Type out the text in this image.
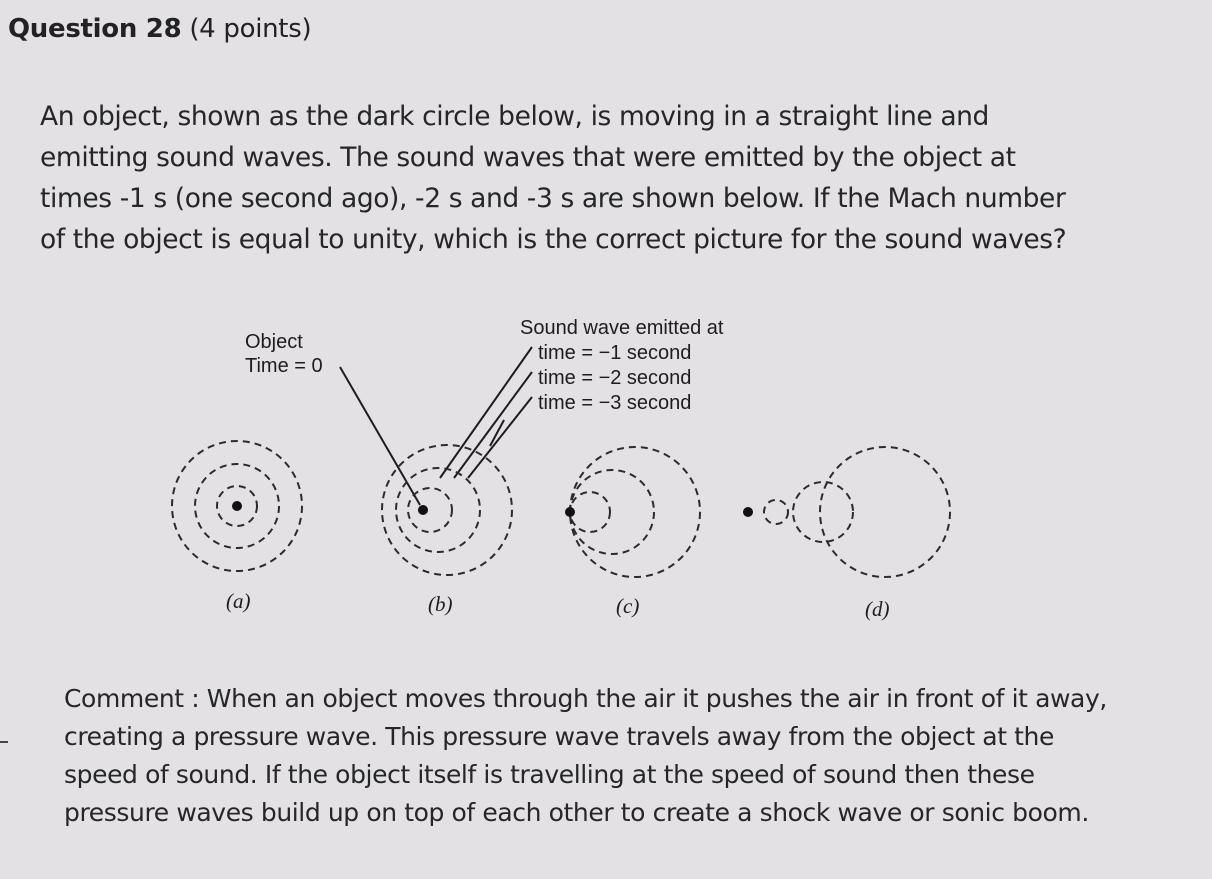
Question 28 (4 points)

An object, shown as the dark circle below, is moving in a straight line and emitting sound waves. The sound waves that were emitted by the object at times -1 s (one second ago), -2 s and -3 s are shown below. If the Mach number of the object is equal to unity, which is the correct picture for the sound waves?

Object
Time = 0
Sound wave emitted at
time = −1 second
time = −2 second
time = −3 second
(a)	(b)	(c)	(d)

Comment : When an object moves through the air it pushes the air in front of it away, creating a pressure wave. This pressure wave travels away from the object at the speed of sound. If the object itself is travelling at the speed of sound then these pressure waves build up on top of each other to create a shock wave or sonic boom.
